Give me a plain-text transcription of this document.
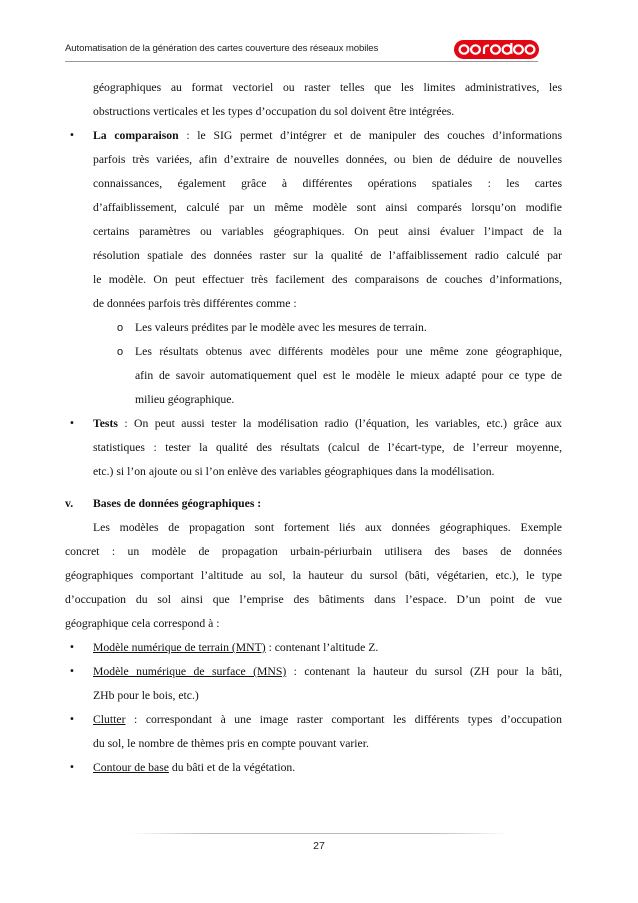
Automatisation de la génération des cartes couverture des réseaux mobiles
géographiques au format vectoriel ou raster telles que les limites administratives, les
obstructions verticales et les types d’occupation du sol doivent être intégrées.
• La comparaison : le SIG permet d’intégrer et de manipuler des couches d’informations
parfois très variées, afin d’extraire de nouvelles données, ou bien de déduire de nouvelles
connaissances, également grâce à différentes opérations spatiales : les cartes
d’affaiblissement, calculé par un même modèle sont ainsi comparés lorsqu’on modifie
certains paramètres ou variables géographiques. On peut ainsi évaluer l’impact de la
résolution spatiale des données raster sur la qualité de l’affaiblissement radio calculé par
le modèle. On peut effectuer très facilement des comparaisons de couches d’informations,
de données parfois très différentes comme :
o Les valeurs prédites par le modèle avec les mesures de terrain.
o Les résultats obtenus avec différents modèles pour une même zone géographique,
afin de savoir automatiquement quel est le modèle le mieux adapté pour ce type de
milieu géographique.
• Tests : On peut aussi tester la modélisation radio (l’équation, les variables, etc.) grâce aux
statistiques : tester la qualité des résultats (calcul de l’écart-type, de l’erreur moyenne,
etc.) si l’on ajoute ou si l’on enlève des variables géographiques dans la modélisation.
v. Bases de données géographiques :
Les modèles de propagation sont fortement liés aux données géographiques. Exemple
concret : un modèle de propagation urbain-périurbain utilisera des bases de données
géographiques comportant l’altitude au sol, la hauteur du sursol (bâti, végétarien, etc.), le type
d’occupation du sol ainsi que l’emprise des bâtiments dans l’espace. D’un point de vue
géographique cela correspond à :
• Modèle numérique de terrain (MNT) : contenant l’altitude Z.
• Modèle numérique de surface (MNS) : contenant la hauteur du sursol (ZH pour la bâti,
ZHb pour le bois, etc.)
• Clutter : correspondant à une image raster comportant les différents types d’occupation
du sol, le nombre de thèmes pris en compte pouvant varier.
• Contour de base du bâti et de la végétation.
27
